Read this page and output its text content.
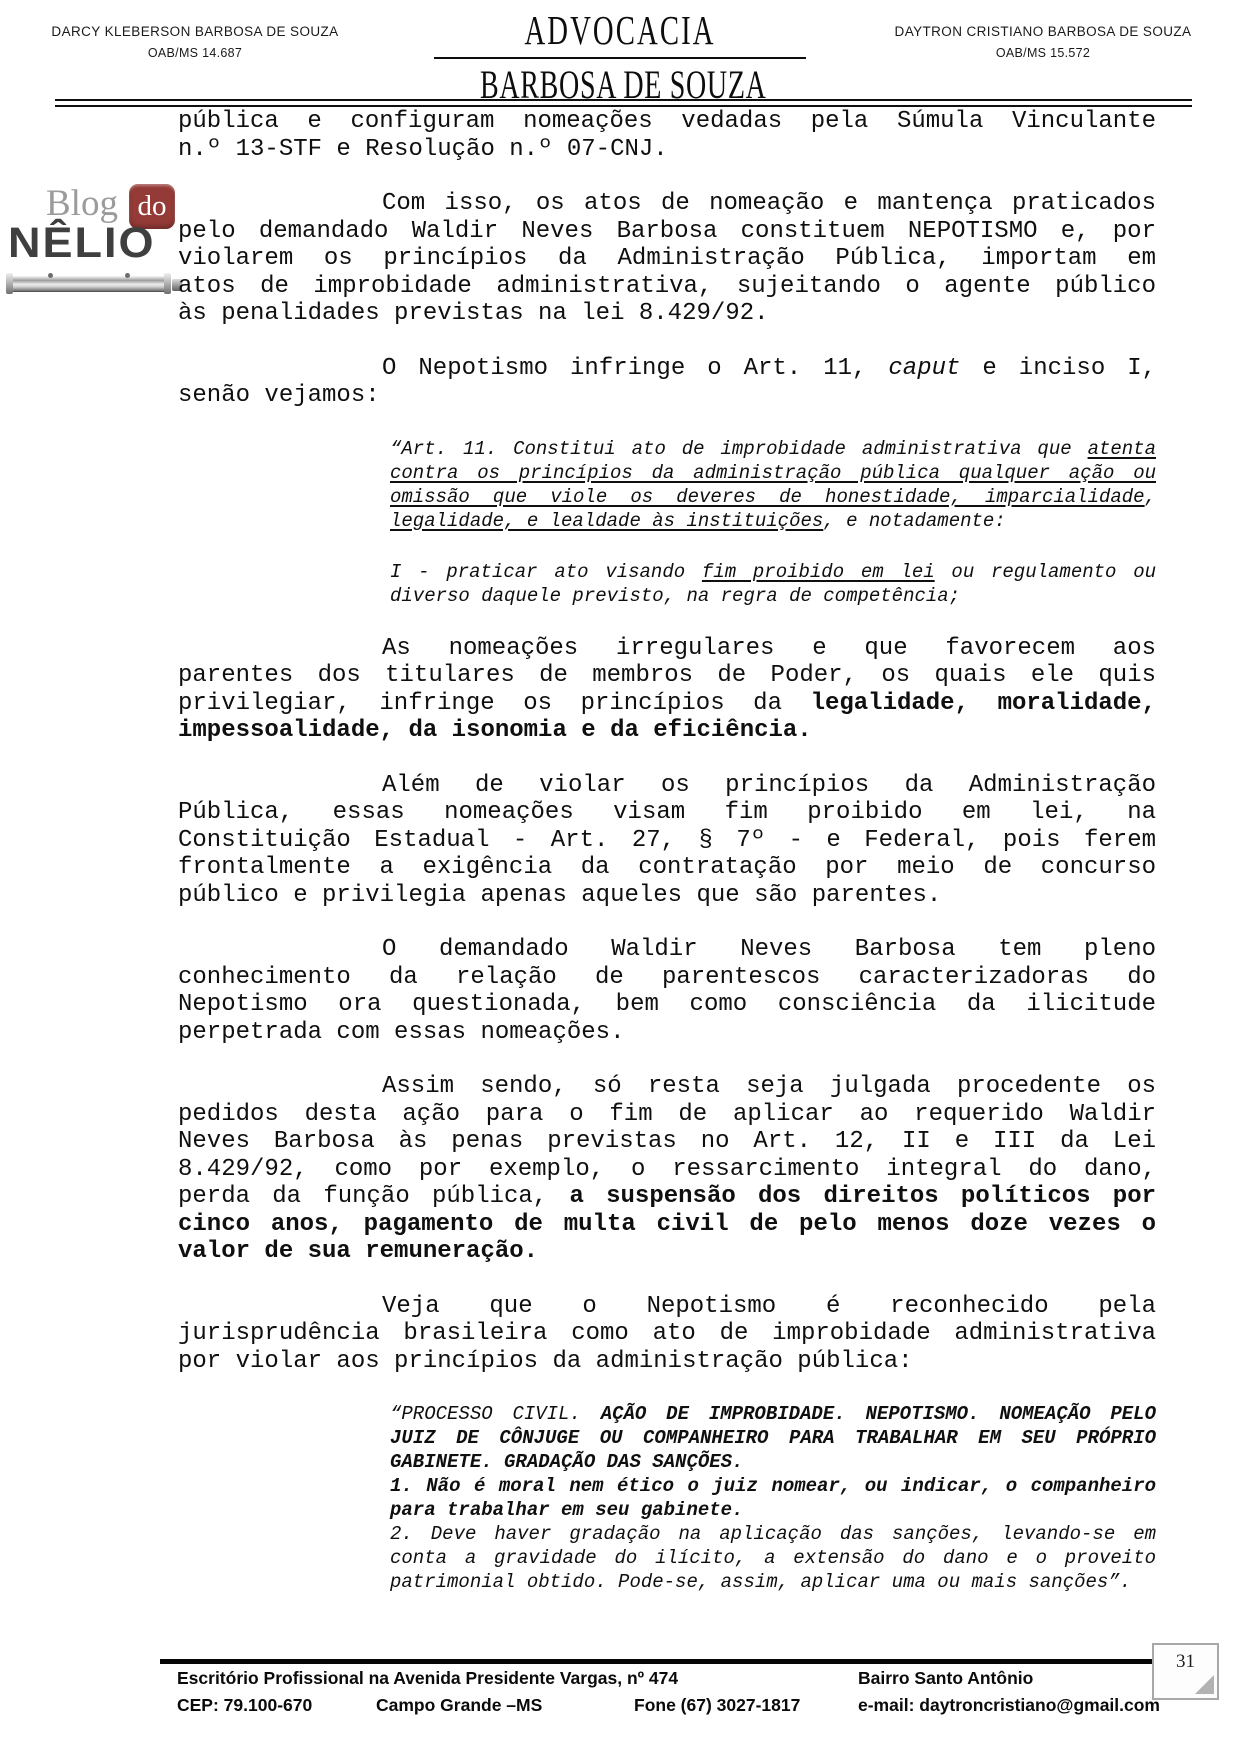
DARCY KLEBERSON BARBOSA DE SOUZA
OAB/MS 14.687	ADVOCACIA
BARBOSA DE SOUZA
DAYTRON CRISTIANO BARBOSA DE SOUZA
OAB/MS 15.572
Blog do
NÊLIO
pública e configuram nomeações vedadas pela Súmula Vinculante
n.º 13-STF e Resolução n.º 07-CNJ.
Com isso, os atos de nomeação e mantença praticados
pelo demandado Waldir Neves Barbosa constituem NEPOTISMO e, por
violarem os princípios da Administração Pública, importam em
atos de improbidade administrativa, sujeitando o agente público
às penalidades previstas na lei 8.429/92.
O Nepotismo infringe o Art. 11, caput e inciso I,
senão vejamos:
“Art. 11. Constitui ato de improbidade administrativa que atenta
contra os princípios da administração pública qualquer ação ou
omissão que viole os deveres de honestidade, imparcialidade,
legalidade, e lealdade às instituições, e notadamente:
I - praticar ato visando fim proibido em lei ou regulamento ou
diverso daquele previsto, na regra de competência;
As nomeações irregulares e que favorecem aos
parentes dos titulares de membros de Poder, os quais ele quis
privilegiar, infringe os princípios da legalidade, moralidade,
impessoalidade, da isonomia e da eficiência.
Além de violar os princípios da Administração
Pública, essas nomeações visam fim proibido em lei, na
Constituição Estadual - Art. 27, § 7º - e Federal, pois ferem
frontalmente a exigência da contratação por meio de concurso
público e privilegia apenas aqueles que são parentes.
O demandado Waldir Neves Barbosa tem pleno
conhecimento da relação de parentescos caracterizadoras do
Nepotismo ora questionada, bem como consciência da ilicitude
perpetrada com essas nomeações.
Assim sendo, só resta seja julgada procedente os
pedidos desta ação para o fim de aplicar ao requerido Waldir
Neves Barbosa às penas previstas no Art. 12, II e III da Lei
8.429/92, como por exemplo, o ressarcimento integral do dano,
perda da função pública, a suspensão dos direitos políticos por
cinco anos, pagamento de multa civil de pelo menos doze vezes o
valor de sua remuneração.
Veja que o Nepotismo é reconhecido pela
jurisprudência brasileira como ato de improbidade administrativa
por violar aos princípios da administração pública:
“PROCESSO CIVIL. AÇÃO DE IMPROBIDADE. NEPOTISMO. NOMEAÇÃO PELO
JUIZ DE CÔNJUGE OU COMPANHEIRO PARA TRABALHAR EM SEU PRÓPRIO
GABINETE. GRADAÇÃO DAS SANÇÕES.
1. Não é moral nem ético o juiz nomear, ou indicar, o companheiro
para trabalhar em seu gabinete.
2. Deve haver gradação na aplicação das sanções, levando-se em
conta a gravidade do ilícito, a extensão do dano e o proveito
patrimonial obtido. Pode-se, assim, aplicar uma ou mais sanções”.
31
Escritório Profissional na Avenida Presidente Vargas, nº 474	Bairro Santo Antônio
CEP: 79.100-670	Campo Grande –MS	Fone (67) 3027-1817	e-mail: daytroncristiano@gmail.com
